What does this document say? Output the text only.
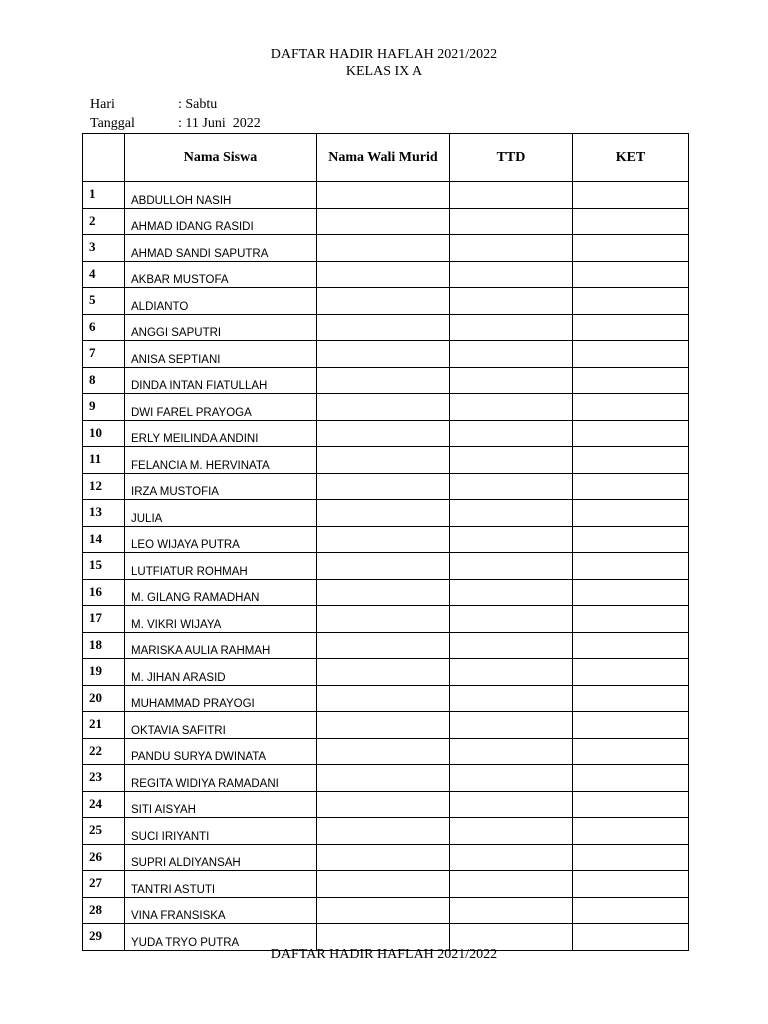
DAFTAR HADIR HAFLAH 2021/2022
KELAS IX A
Hari	: Sabtu
Tanggal	: 11 Juni  2022
	Nama Siswa	Nama Wali Murid	TTD	KET
1	ABDULLOH NASIH			
2	AHMAD IDANG RASIDI			
3	AHMAD SANDI SAPUTRA			
4	AKBAR MUSTOFA			
5	ALDIANTO			
6	ANGGI SAPUTRI			
7	ANISA SEPTIANI			
8	DINDA INTAN FIATULLAH			
9	DWI FAREL PRAYOGA			
10	ERLY MEILINDA ANDINI			
11	FELANCIA M. HERVINATA			
12	IRZA MUSTOFIA			
13	JULIA			
14	LEO WIJAYA PUTRA			
15	LUTFIATUR ROHMAH			
16	M. GILANG RAMADHAN			
17	M. VIKRI WIJAYA			
18	MARISKA AULIA RAHMAH			
19	M. JIHAN ARASID			
20	MUHAMMAD PRAYOGI			
21	OKTAVIA SAFITRI			
22	PANDU SURYA DWINATA			
23	REGITA WIDIYA RAMADANI			
24	SITI AISYAH			
25	SUCI IRIYANTI			
26	SUPRI ALDIYANSAH			
27	TANTRI ASTUTI			
28	VINA FRANSISKA			
29	YUDA TRYO PUTRA			
DAFTAR HADIR HAFLAH 2021/2022
